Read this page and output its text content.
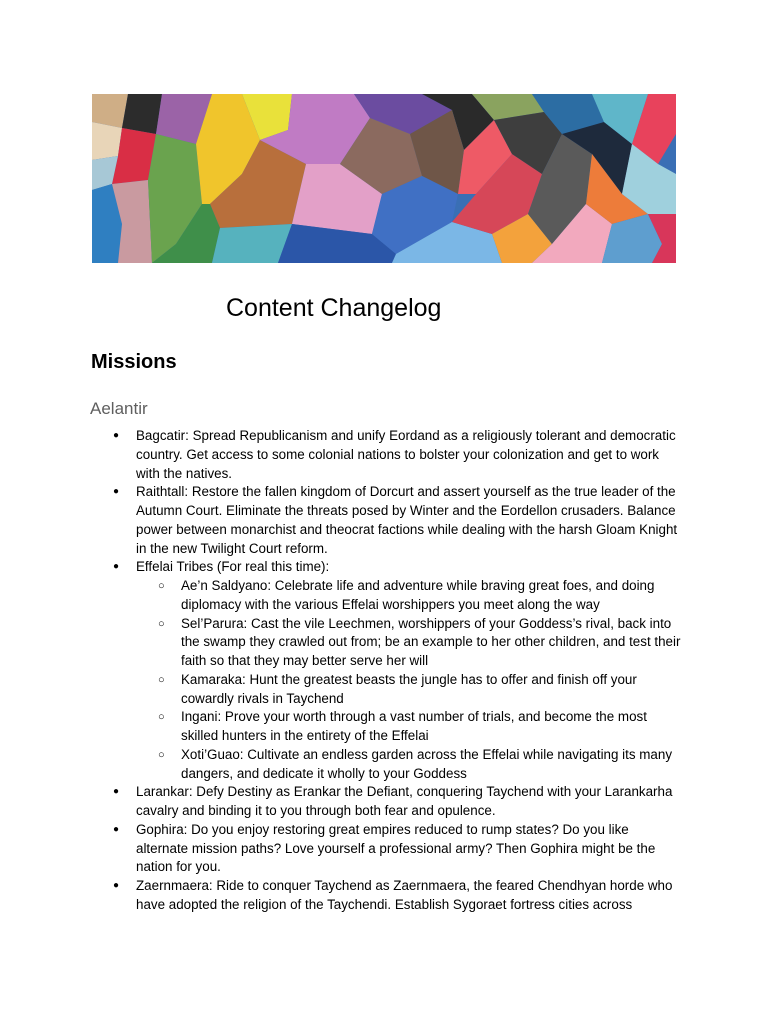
Content Changelog
Missions
Aelantir
● Bagcatir: Spread Republicanism and unify Eordand as a religiously tolerant and democratic country. Get access to some colonial nations to bolster your colonization and get to work with the natives.
● Raithtall: Restore the fallen kingdom of Dorcurt and assert yourself as the true leader of the Autumn Court. Eliminate the threats posed by Winter and the Eordellon crusaders. Balance power between monarchist and theocrat factions while dealing with the harsh Gloam Knight in the new Twilight Court reform.
● Effelai Tribes (For real this time):
○ Ae’n Saldyano: Celebrate life and adventure while braving great foes, and doing diplomacy with the various Effelai worshippers you meet along the way
○ Sel’Parura: Cast the vile Leechmen, worshippers of your Goddess’s rival, back into the swamp they crawled out from; be an example to her other children, and test their faith so that they may better serve her will
○ Kamaraka: Hunt the greatest beasts the jungle has to offer and finish off your cowardly rivals in Taychend
○ Ingani: Prove your worth through a vast number of trials, and become the most skilled hunters in the entirety of the Effelai
○ Xoti’Guao: Cultivate an endless garden across the Effelai while navigating its many dangers, and dedicate it wholly to your Goddess
● Larankar: Defy Destiny as Erankar the Defiant, conquering Taychend with your Larankarha cavalry and binding it to you through both fear and opulence.
● Gophira: Do you enjoy restoring great empires reduced to rump states? Do you like alternate mission paths? Love yourself a professional army? Then Gophira might be the nation for you.
● Zaernmaera: Ride to conquer Taychend as Zaernmaera, the feared Chendhyan horde who have adopted the religion of the Taychendi. Establish Sygoraet fortress cities across
